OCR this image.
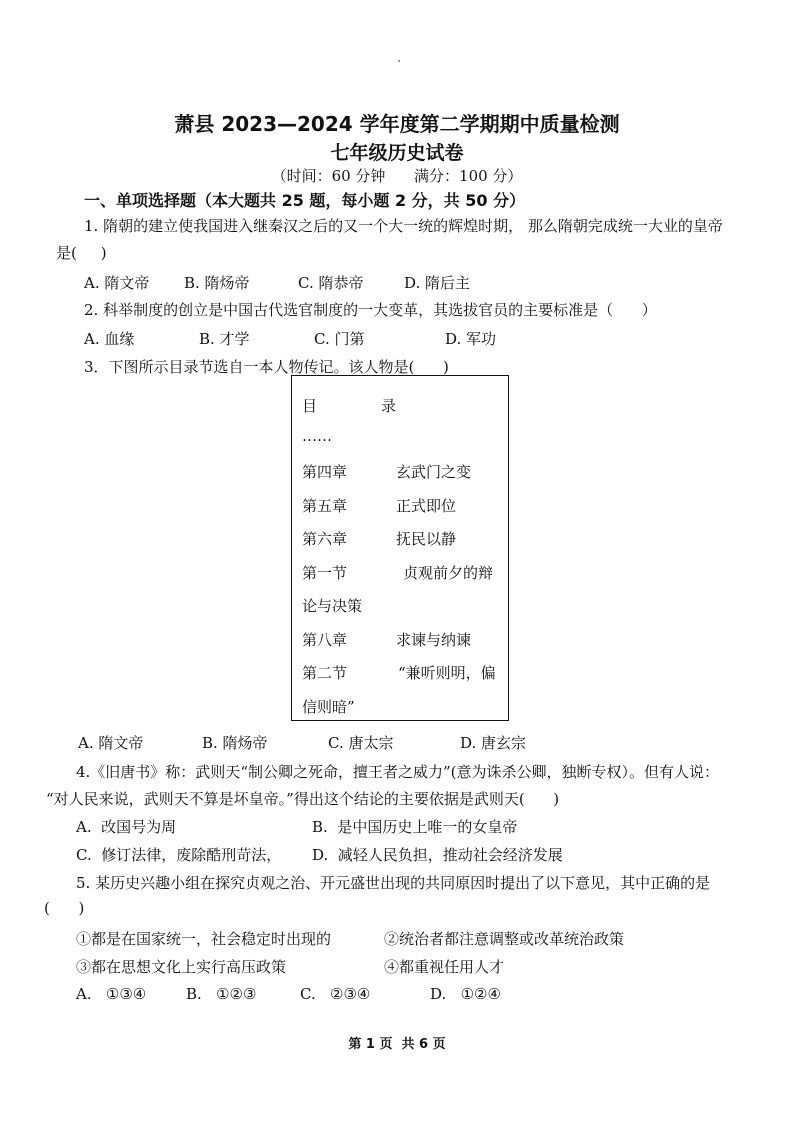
萧县 2023—2024 学年度第二学期期中质量检测
七年级历史试卷
（时间：60 分钟      满分：100 分）
一、单项选择题（本大题共 25 题，每小题 2 分，共 50 分）
1. 隋朝的建立使我国进入继秦汉之后的又一个大一统的辉煌时期， 那么隋朝完成统一大业的皇帝
是(     )
A. 隋文帝 B. 隋炀帝	C. 隋恭帝	D. 隋后主
2. 科举制度的创立是中国古代选官制度的一大变革，其选拔官员的主要标准是（      ）
A. 血缘	B. 才学	C. 门第	D. 军功
3．下图所示目录节选自一本人物传记。该人物是(      )
目	录
……
第四章	玄武门之变
第五章	正式即位
第六章	抚民以静
第一节	贞观前夕的辩
论与决策
第八章	求谏与纳谏
第二节	“兼听则明，偏
信则暗”
A. 隋文帝	B. 隋炀帝	C. 唐太宗	D. 唐玄宗
4.《旧唐书》称：武则天“制公卿之死命，擅王者之威力”(意为诛杀公卿，独断专权）。但有人说：
“对人民来说，武则天不算是坏皇帝。”得出这个结论的主要依据是武则天(      )
A.  改国号为周	B.  是中国历史上唯一的女皇帝
C.  修订法律，废除酷刑苛法， D.  减轻人民负担，推动社会经济发展
5. 某历史兴趣小组在探究贞观之治、开元盛世出现的共同原因时提出了以下意见，其中正确的是
(      )
①都是在国家统一，社会稳定时出现的	②统治者都注意调整或改革统治政策
③都在思想文化上实行高压政策	④都重视任用人才
A.   ①③④	B.   ①②③	C.   ②③④	D.   ①②④
第 1 页  共 6 页
